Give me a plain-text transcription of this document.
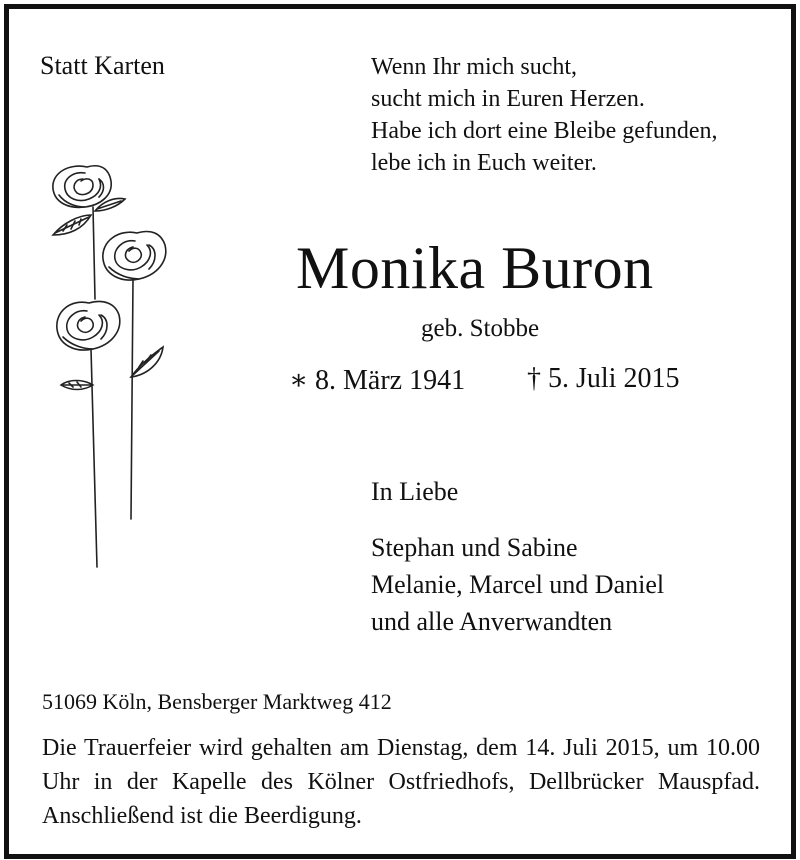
Statt Karten	Wenn Ihr mich sucht,
sucht mich in Euren Herzen.
Habe ich dort eine Bleibe gefunden,
lebe ich in Euch weiter.
Monika Buron
geb. Stobbe
∗ 8. März 1941 † 5. Juli 2015
In Liebe
Stephan und Sabine
Melanie, Marcel und Daniel
und alle Anverwandten
51069 Köln, Bensberger Marktweg 412
Die Trauerfeier wird gehalten am Dienstag, dem 14. Juli 2015, um 10.00 Uhr in der Kapelle des Kölner Ostfriedhofs, Dellbrücker Mauspfad. Anschließend ist die Beerdigung.
